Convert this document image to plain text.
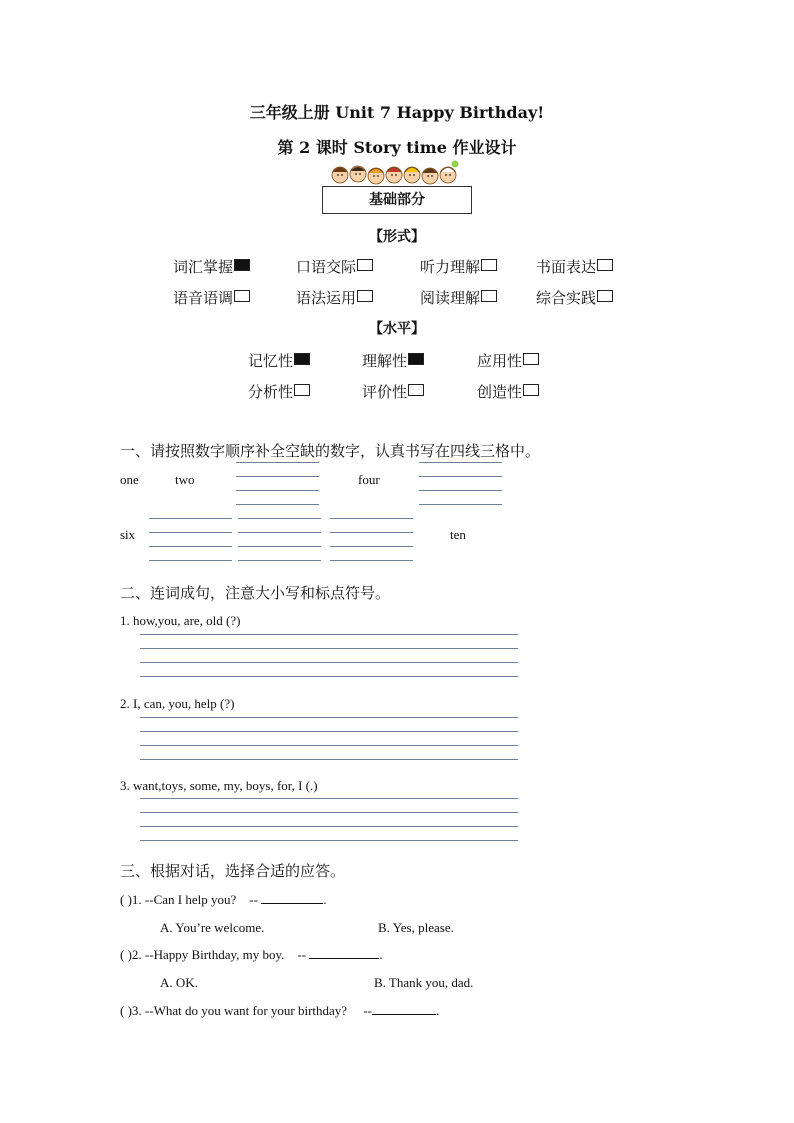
三年级上册 Unit 7 Happy Birthday!
第 2 课时 Story time 作业设计
基础部分
【形式】
词汇掌握	口语交际	听力理解	书面表达
语音语调	语法运用	阅读理解	综合实践
【水平】
记忆性	理解性	应用性
分析性	评价性	创造性
一、请按照数字顺序补全空缺的数字，认真书写在四线三格中。
one	two	four
six	ten
二、连词成句，注意大小写和标点符号。
1. how,you, are, old (?)
2. I, can, you, help (?)
3. want,toys, some, my, boys, for, I (.)
三、根据对话，选择合适的应答。
( )1. --Can I help you? --	.
A. You’re welcome.	B. Yes, please.
( )2. --Happy Birthday, my boy. --	.
A. OK.	B. Thank you, dad.
( )3. --What do you want for your birthday? --	.
